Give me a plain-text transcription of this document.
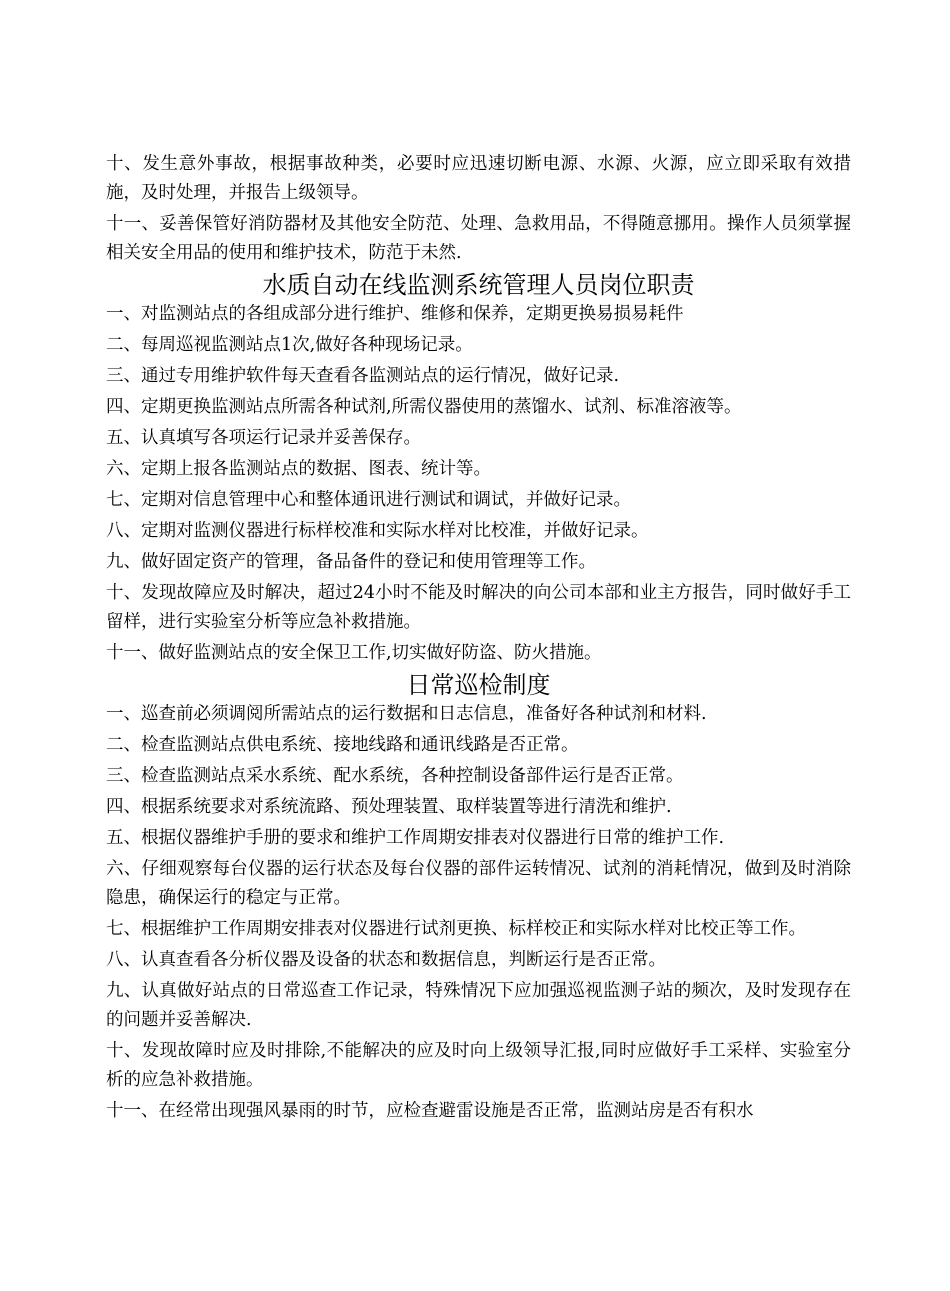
十、发生意外事故，根据事故种类，必要时应迅速切断电源、水源、火源，应立即采取有效措施，及时处理，并报告上级领导。

十一、妥善保管好消防器材及其他安全防范、处理、急救用品，不得随意挪用。操作人员须掌握相关安全用品的使用和维护技术，防范于未然.

水质自动在线监测系统管理人员岗位职责

一、对监测站点的各组成部分进行维护、维修和保养，定期更换易损易耗件

二、每周巡视监测站点1次,做好各种现场记录。

三、通过专用维护软件每天查看各监测站点的运行情况，做好记录.

四、定期更换监测站点所需各种试剂,所需仪器使用的蒸馏水、试剂、标准溶液等。

五、认真填写各项运行记录并妥善保存。

六、定期上报各监测站点的数据、图表、统计等。

七、定期对信息管理中心和整体通讯进行测试和调试，并做好记录。

八、定期对监测仪器进行标样校准和实际水样对比校准，并做好记录。

九、做好固定资产的管理，备品备件的登记和使用管理等工作。

十、发现故障应及时解决，超过24小时不能及时解决的向公司本部和业主方报告，同时做好手工留样，进行实验室分析等应急补救措施。

十一、做好监测站点的安全保卫工作,切实做好防盗、防火措施。

日常巡检制度

一、巡查前必须调阅所需站点的运行数据和日志信息，准备好各种试剂和材料.

二、检查监测站点供电系统、接地线路和通讯线路是否正常。

三、检查监测站点采水系统、配水系统，各种控制设备部件运行是否正常。

四、根据系统要求对系统流路、预处理装置、取样装置等进行清洗和维护.

五、根据仪器维护手册的要求和维护工作周期安排表对仪器进行日常的维护工作.

六、仔细观察每台仪器的运行状态及每台仪器的部件运转情况、试剂的消耗情况，做到及时消除隐患，确保运行的稳定与正常。

七、根据维护工作周期安排表对仪器进行试剂更换、标样校正和实际水样对比校正等工作。

八、认真查看各分析仪器及设备的状态和数据信息，判断运行是否正常。

九、认真做好站点的日常巡查工作记录，特殊情况下应加强巡视监测子站的频次，及时发现存在的问题并妥善解决.

十、发现故障时应及时排除,不能解决的应及时向上级领导汇报,同时应做好手工采样、实验室分析的应急补救措施。

十一、在经常出现强风暴雨的时节，应检查避雷设施是否正常，监测站房是否有积水
